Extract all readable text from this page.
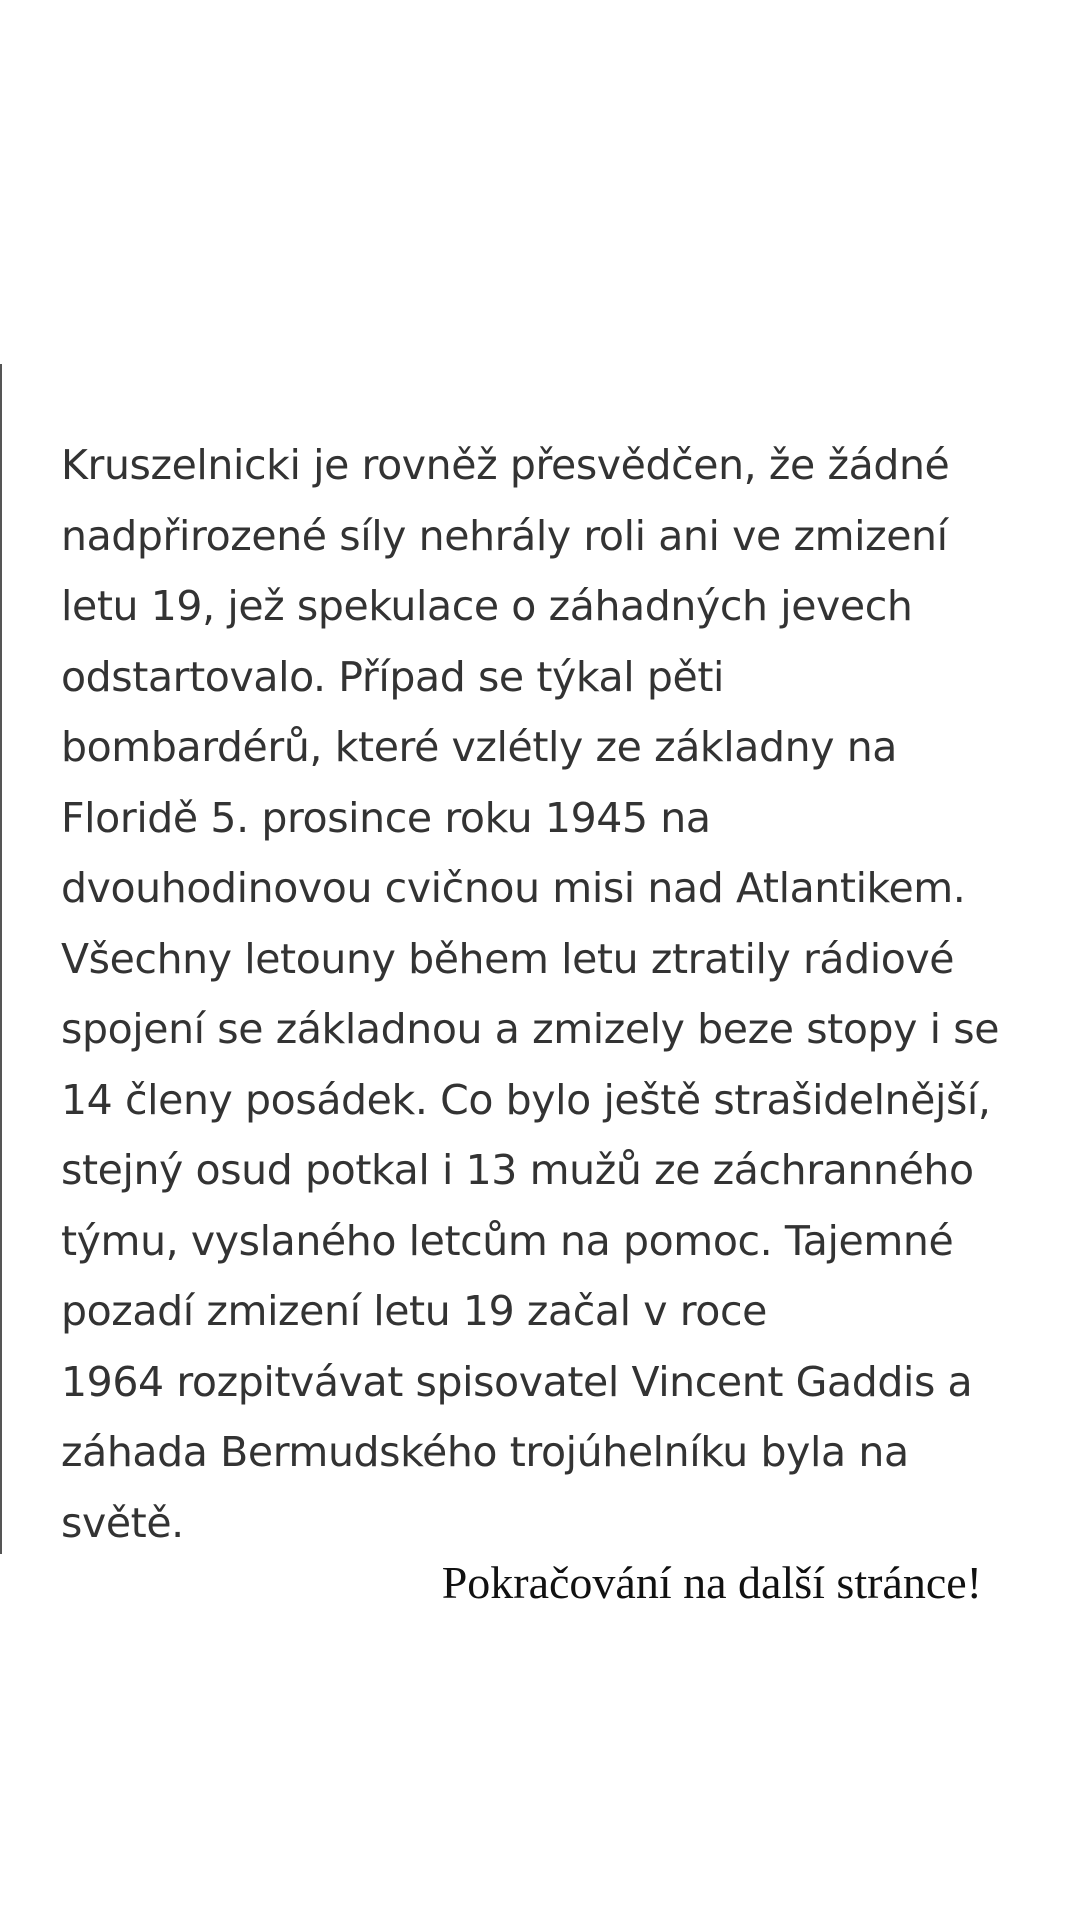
Kruszelnicki je rovněž přesvědčen, že žádné
nadpřirozené síly nehrály roli ani ve zmizení
letu 19, jež spekulace o záhadných jevech
odstartovalo. Případ se týkal pěti
bombardérů, které vzlétly ze základny na
Floridě 5. prosince roku 1945 na
dvouhodinovou cvičnou misi nad Atlantikem.
Všechny letouny během letu ztratily rádiové
spojení se základnou a zmizely beze stopy i se
14 členy posádek. Co bylo ještě strašidelnější,
stejný osud potkal i 13 mužů ze záchranného
týmu, vyslaného letcům na pomoc. Tajemné
pozadí zmizení letu 19 začal v roce
1964 rozpitvávat spisovatel Vincent Gaddis a
záhada Bermudského trojúhelníku byla na
světě.

Pokračování na další stránce!
